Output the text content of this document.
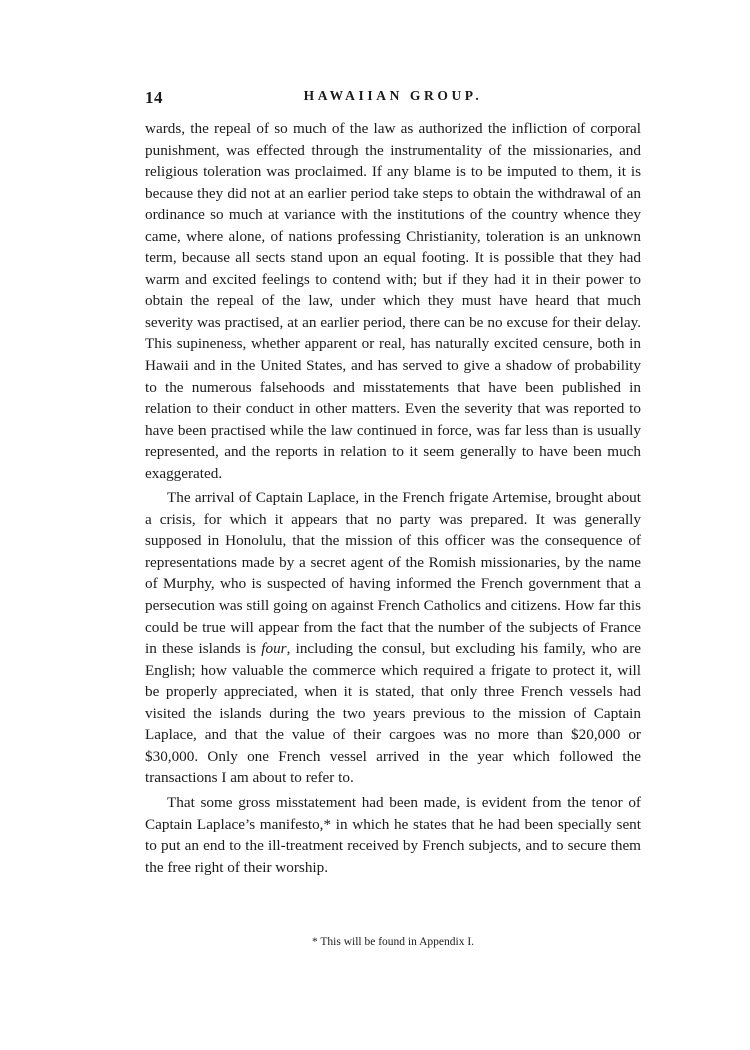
14	HAWAIIAN GROUP.

wards, the repeal of so much of the law as authorized the infliction of corporal punishment, was effected through the instrumentality of the missionaries, and religious toleration was proclaimed. If any blame is to be imputed to them, it is because they did not at an earlier period take steps to obtain the withdrawal of an ordinance so much at variance with the institutions of the country whence they came, where alone, of nations professing Christianity, toleration is an unknown term, because all sects stand upon an equal footing. It is possible that they had warm and excited feelings to contend with; but if they had it in their power to obtain the repeal of the law, under which they must have heard that much severity was practised, at an earlier period, there can be no excuse for their delay. This supineness, whether apparent or real, has naturally excited censure, both in Hawaii and in the United States, and has served to give a shadow of probability to the numerous falsehoods and misstatements that have been published in relation to their conduct in other matters. Even the severity that was reported to have been practised while the law continued in force, was far less than is usually represented, and the reports in relation to it seem generally to have been much exaggerated.

The arrival of Captain Laplace, in the French frigate Artemise, brought about a crisis, for which it appears that no party was prepared. It was generally supposed in Honolulu, that the mission of this officer was the consequence of representations made by a secret agent of the Romish missionaries, by the name of Murphy, who is suspected of having informed the French government that a persecution was still going on against French Catholics and citizens. How far this could be true will appear from the fact that the number of the subjects of France in these islands is four, including the consul, but excluding his family, who are English; how valuable the commerce which required a frigate to protect it, will be properly appreciated, when it is stated, that only three French vessels had visited the islands during the two years previous to the mission of Captain Laplace, and that the value of their cargoes was no more than $20,000 or $30,000. Only one French vessel arrived in the year which followed the transactions I am about to refer to.

That some gross misstatement had been made, is evident from the tenor of Captain Laplace’s manifesto,* in which he states that he had been specially sent to put an end to the ill-treatment received by French subjects, and to secure them the free right of their worship.

* This will be found in Appendix I.
